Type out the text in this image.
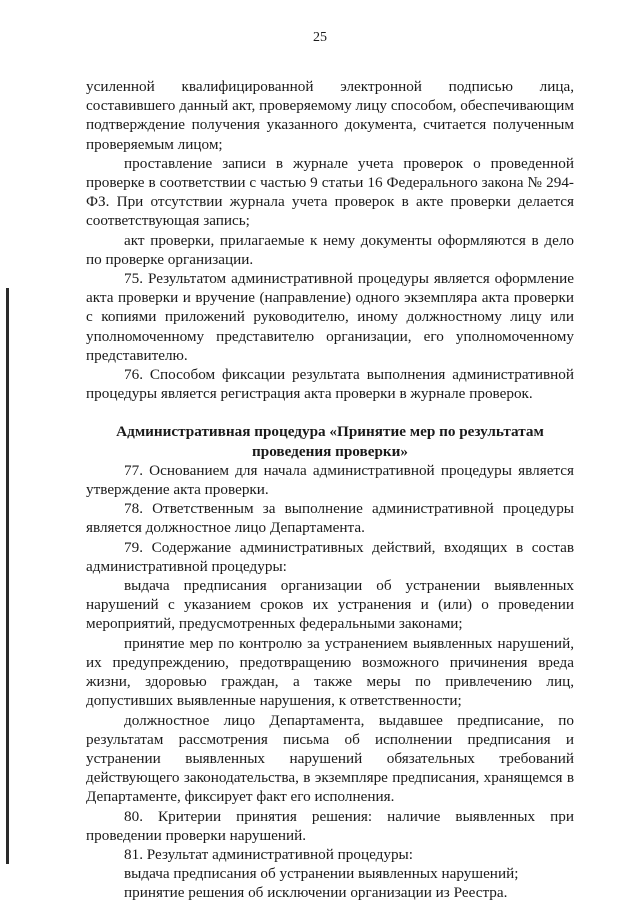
25

усиленной квалифицированной электронной подписью лица, составившего данный акт, проверяемому лицу способом, обеспечивающим подтверждение получения указанного документа, считается полученным проверяемым лицом;

проставление записи в журнале учета проверок о проведенной проверке в соответствии с частью 9 статьи 16 Федерального закона № 294-ФЗ. При отсутствии журнала учета проверок в акте проверки делается соответствующая запись;

акт проверки, прилагаемые к нему документы оформляются в дело по проверке организации.

75. Результатом административной процедуры является оформление акта проверки и вручение (направление) одного экземпляра акта проверки с копиями приложений руководителю, иному должностному лицу или уполномоченному представителю организации, его уполномоченному представителю.

76. Способом фиксации результата выполнения административной процедуры является регистрация акта проверки в журнале проверок.

Административная процедура «Принятие мер по результатам проведения проверки»

77. Основанием для начала административной процедуры является утверждение акта проверки.

78. Ответственным за выполнение административной процедуры является должностное лицо Департамента.

79. Содержание административных действий, входящих в состав административной процедуры:

выдача предписания организации об устранении выявленных нарушений с указанием сроков их устранения и (или) о проведении мероприятий, предусмотренных федеральными законами;

принятие мер по контролю за устранением выявленных нарушений, их предупреждению, предотвращению возможного причинения вреда жизни, здоровью граждан, а также меры по привлечению лиц, допустивших выявленные нарушения, к ответственности;

должностное лицо Департамента, выдавшее предписание, по результатам рассмотрения письма об исполнении предписания и устранении выявленных нарушений обязательных требований действующего законодательства, в экземпляре предписания, хранящемся в Департаменте, фиксирует факт его исполнения.

80. Критерии принятия решения: наличие выявленных при проведении проверки нарушений.

81. Результат административной процедуры:

выдача предписания об устранении выявленных нарушений;

принятие решения об исключении организации из Реестра.
